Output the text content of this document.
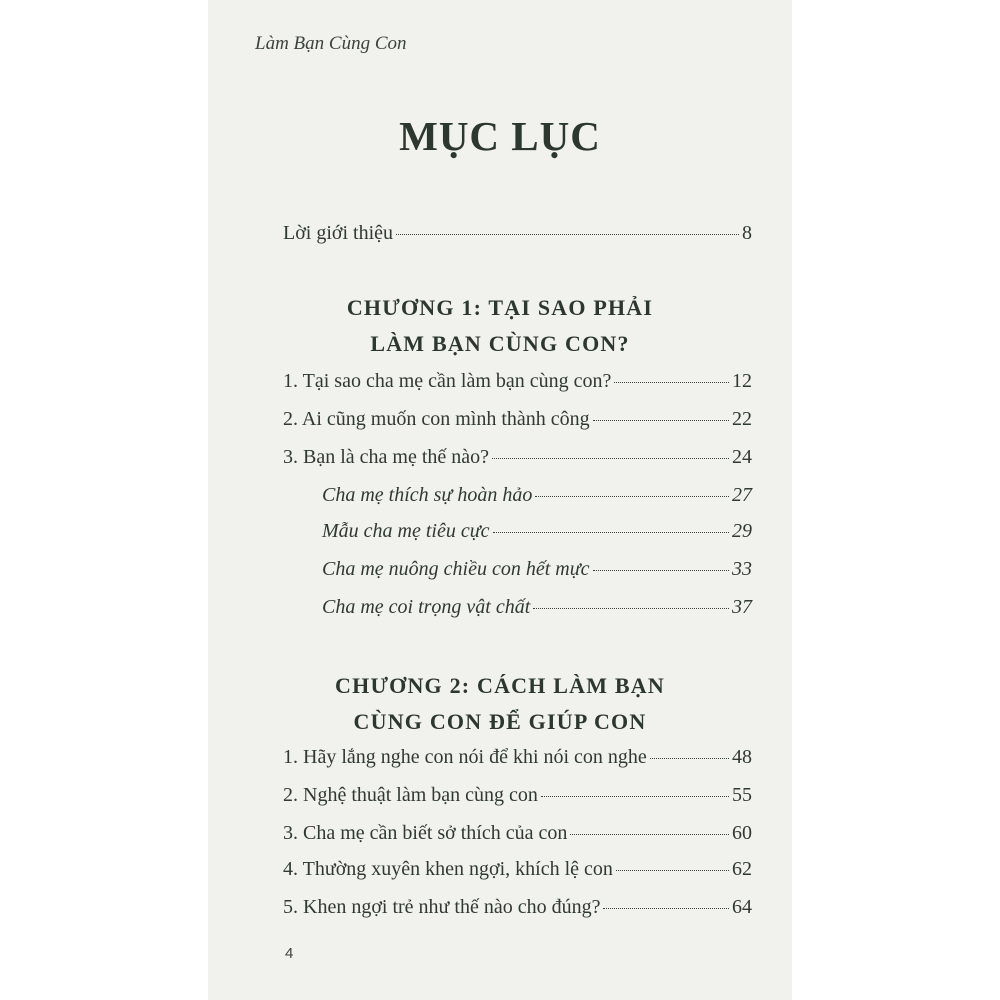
Làm Bạn Cùng Con
MỤC LỤC
Lời giới thiệu	8
CHƯƠNG 1: TẠI SAO PHẢI
LÀM BẠN CÙNG CON?
1. Tại sao cha mẹ cần làm bạn cùng con?	12
2. Ai cũng muốn con mình thành công	22
3. Bạn là cha mẹ thế nào?	24
Cha mẹ thích sự hoàn hảo	27
Mẫu cha mẹ tiêu cực	29
Cha mẹ nuông chiều con hết mực	33
Cha mẹ coi trọng vật chất	37
CHƯƠNG 2: CÁCH LÀM BẠN
CÙNG CON ĐỂ GIÚP CON
1. Hãy lắng nghe con nói để khi nói con nghe	48
2. Nghệ thuật làm bạn cùng con	55
3. Cha mẹ cần biết sở thích của con	60
4. Thường xuyên khen ngợi, khích lệ con	62
5. Khen ngợi trẻ như thế nào cho đúng?	64
4
